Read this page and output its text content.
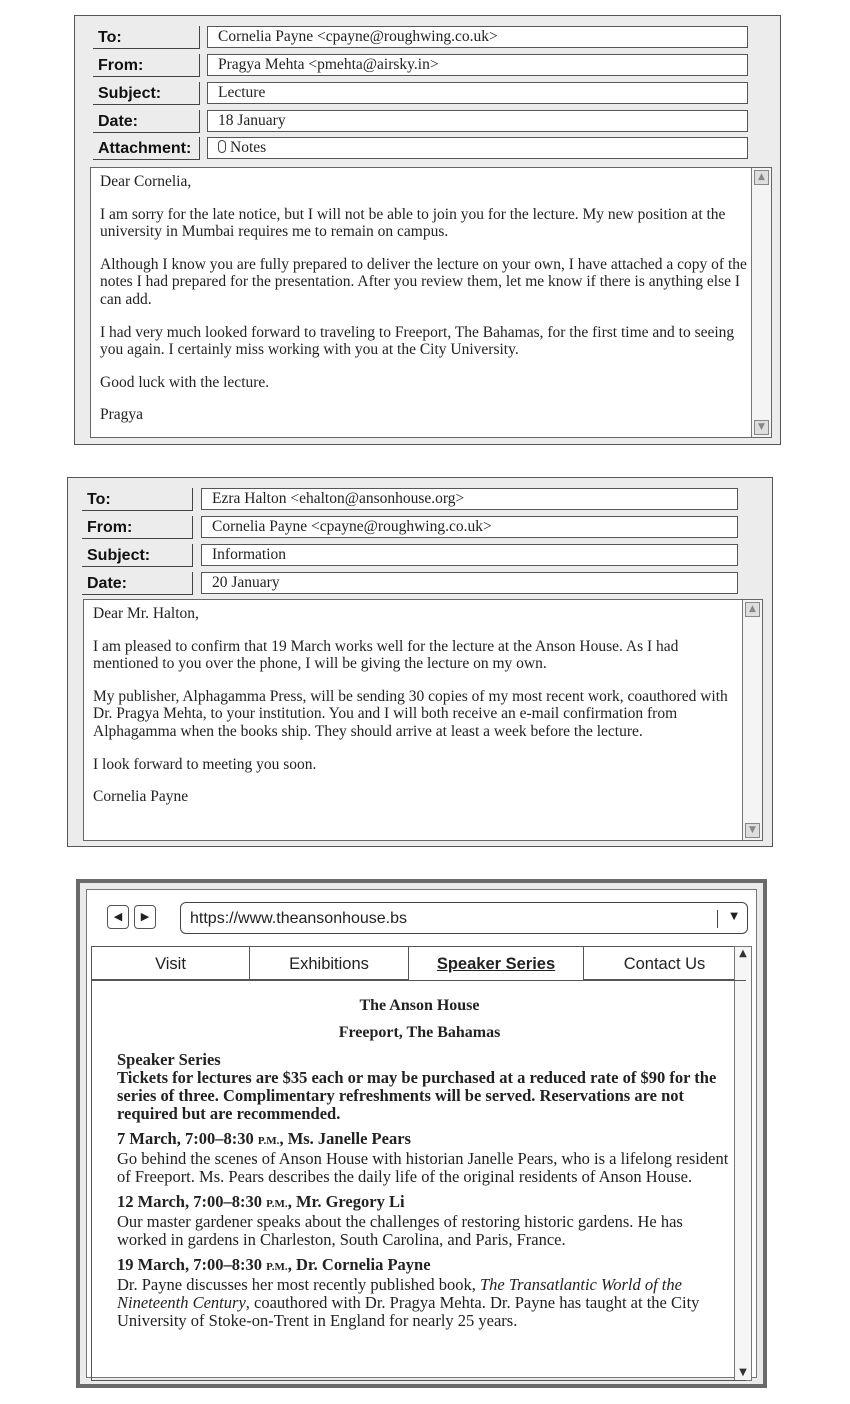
To:	Cornelia Payne <cpayne@roughwing.co.uk>
From:	Pragya Mehta <pmehta@airsky.in>
Subject:	Lecture
Date:	18 January
Attachment:	Notes

Dear Cornelia,

I am sorry for the late notice, but I will not be able to join you for the lecture. My new position at the university in Mumbai requires me to remain on campus.

Although I know you are fully prepared to deliver the lecture on your own, I have attached a copy of the notes I had prepared for the presentation. After you review them, let me know if there is anything else I can add.

I had very much looked forward to traveling to Freeport, The Bahamas, for the first time and to seeing you again. I certainly miss working with you at the City University.

Good luck with the lecture.

Pragya

▲
▼
To:	Ezra Halton <ehalton@ansonhouse.org>
From:	Cornelia Payne <cpayne@roughwing.co.uk>
Subject:	Information
Date:	20 January

Dear Mr. Halton,

I am pleased to confirm that 19 March works well for the lecture at the Anson House. As I had mentioned to you over the phone, I will be giving the lecture on my own.

My publisher, Alphagamma Press, will be sending 30 copies of my most recent work, coauthored with Dr. Pragya Mehta, to your institution. You and I will both receive an e-mail confirmation from Alphagamma when the books ship. They should arrive at least a week before the lecture.

I look forward to meeting you soon.

Cornelia Payne

▲
▼
◀	▶	https://www.theansonhouse.bs	▼
Visit	Exhibitions	Speaker Series	Contact Us
▲
▼
The Anson House
Freeport, The Bahamas
Speaker Series
Tickets for lectures are $35 each or may be purchased at a reduced rate of $90 for the series of three. Complimentary refreshments will be served. Reservations are not required but are recommended.
7 March, 7:00–8:30 P.M., Ms. Janelle Pears
Go behind the scenes of Anson House with historian Janelle Pears, who is a lifelong resident of Freeport. Ms. Pears describes the daily life of the original residents of Anson House.
12 March, 7:00–8:30 P.M., Mr. Gregory Li
Our master gardener speaks about the challenges of restoring historic gardens. He has worked in gardens in Charleston, South Carolina, and Paris, France.
19 March, 7:00–8:30 P.M., Dr. Cornelia Payne
Dr. Payne discusses her most recently published book, The Transatlantic World of the Nineteenth Century, coauthored with Dr. Pragya Mehta. Dr. Payne has taught at the City University of Stoke-on-Trent in England for nearly 25 years.
